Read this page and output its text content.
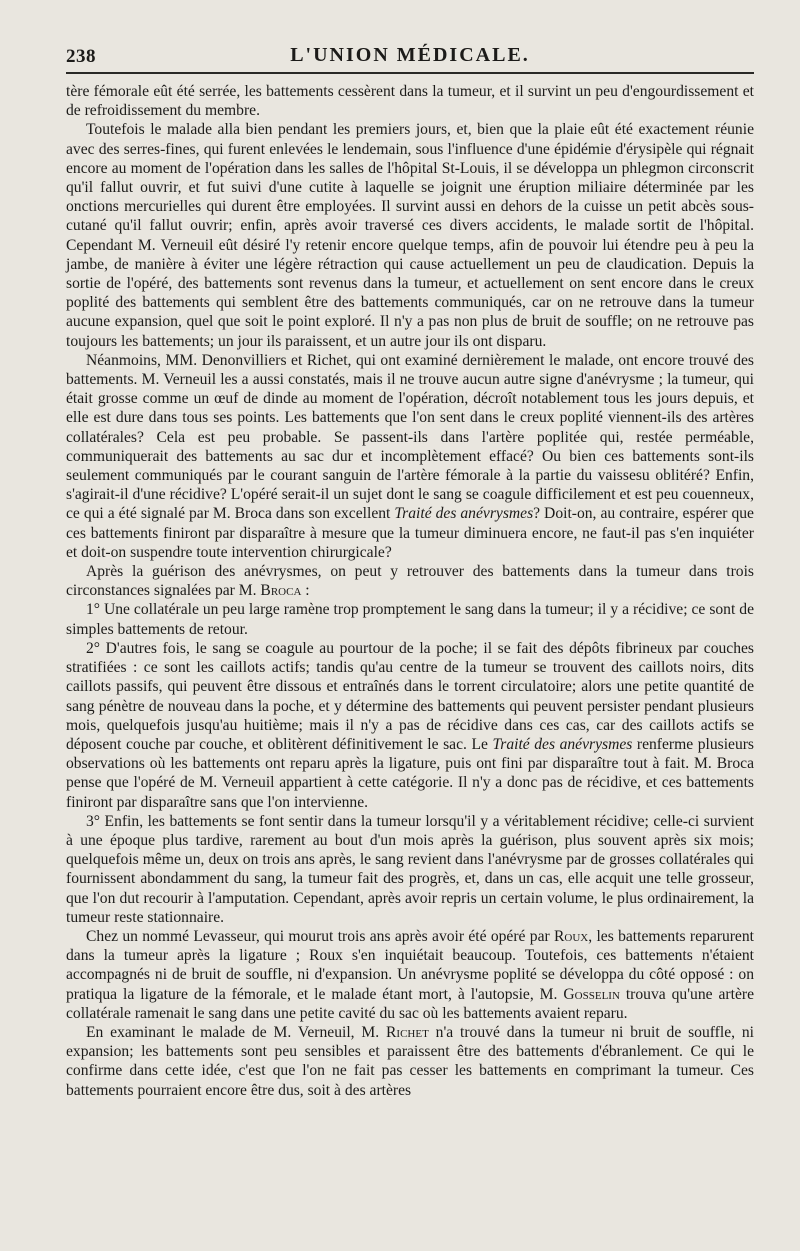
238	L'UNION MÉDICALE.

tère fémorale eût été serrée, les battements cessèrent dans la tumeur, et il survint un peu d'engourdissement et de refroidissement du membre.

Toutefois le malade alla bien pendant les premiers jours, et, bien que la plaie eût été exactement réunie avec des serres-fines, qui furent enlevées le lendemain, sous l'influence d'une épidémie d'érysipèle qui régnait encore au moment de l'opération dans les salles de l'hôpital St-Louis, il se développa un phlegmon circonscrit qu'il fallut ouvrir, et fut suivi d'une cutite à laquelle se joignit une éruption miliaire déterminée par les onctions mercurielles qui durent être employées. Il survint aussi en dehors de la cuisse un petit abcès sous-cutané qu'il fallut ouvrir; enfin, après avoir traversé ces divers accidents, le malade sortit de l'hôpital. Cependant M. Verneuil eût désiré l'y retenir encore quelque temps, afin de pouvoir lui étendre peu à peu la jambe, de manière à éviter une légère rétraction qui cause actuellement un peu de claudication. Depuis la sortie de l'opéré, des battements sont revenus dans la tumeur, et actuellement on sent encore dans le creux poplité des battements qui semblent être des battements communiqués, car on ne retrouve dans la tumeur aucune expansion, quel que soit le point exploré. Il n'y a pas non plus de bruit de souffle; on ne retrouve pas toujours les battements; un jour ils paraissent, et un autre jour ils ont disparu.

Néanmoins, MM. Denonvilliers et Richet, qui ont examiné dernièrement le malade, ont encore trouvé des battements. M. Verneuil les a aussi constatés, mais il ne trouve aucun autre signe d'anévrysme ; la tumeur, qui était grosse comme un œuf de dinde au moment de l'opération, décroît notablement tous les jours depuis, et elle est dure dans tous ses points. Les battements que l'on sent dans le creux poplité viennent-ils des artères collatérales? Cela est peu probable. Se passent-ils dans l'artère poplitée qui, restée perméable, communiquerait des battements au sac dur et incomplètement effacé? Ou bien ces battements sont-ils seulement communiqués par le courant sanguin de l'artère fémorale à la partie du vaissesu oblitéré? Enfin, s'agirait-il d'une récidive? L'opéré serait-il un sujet dont le sang se coagule difficilement et est peu couenneux, ce qui a été signalé par M. Broca dans son excellent Traité des anévrysmes? Doit-on, au contraire, espérer que ces battements finiront par disparaître à mesure que la tumeur diminuera encore, ne faut-il pas s'en inquiéter et doit-on suspendre toute intervention chirurgicale?

Après la guérison des anévrysmes, on peut y retrouver des battements dans la tumeur dans trois circonstances signalées par M. Broca :

1° Une collatérale un peu large ramène trop promptement le sang dans la tumeur; il y a récidive; ce sont de simples battements de retour.

2° D'autres fois, le sang se coagule au pourtour de la poche; il se fait des dépôts fibrineux par couches stratifiées : ce sont les caillots actifs; tandis qu'au centre de la tumeur se trouvent des caillots noirs, dits caillots passifs, qui peuvent être dissous et entraînés dans le torrent circulatoire; alors une petite quantité de sang pénètre de nouveau dans la poche, et y détermine des battements qui peuvent persister pendant plusieurs mois, quelquefois jusqu'au huitième; mais il n'y a pas de récidive dans ces cas, car des caillots actifs se déposent couche par couche, et oblitèrent définitivement le sac. Le Traité des anévrysmes renferme plusieurs observations où les battements ont reparu après la ligature, puis ont fini par disparaître tout à fait. M. Broca pense que l'opéré de M. Verneuil appartient à cette catégorie. Il n'y a donc pas de récidive, et ces battements finiront par disparaître sans que l'on intervienne.

3° Enfin, les battements se font sentir dans la tumeur lorsqu'il y a véritablement récidive; celle-ci survient à une époque plus tardive, rarement au bout d'un mois après la guérison, plus souvent après six mois; quelquefois même un, deux on trois ans après, le sang revient dans l'anévrysme par de grosses collatérales qui fournissent abondamment du sang, la tumeur fait des progrès, et, dans un cas, elle acquit une telle grosseur, que l'on dut recourir à l'amputation. Cependant, après avoir repris un certain volume, le plus ordinairement, la tumeur reste stationnaire.

Chez un nommé Levasseur, qui mourut trois ans après avoir été opéré par Roux, les battements reparurent dans la tumeur après la ligature ; Roux s'en inquiétait beaucoup. Toutefois, ces battements n'étaient accompagnés ni de bruit de souffle, ni d'expansion. Un anévrysme poplité se développa du côté opposé : on pratiqua la ligature de la fémorale, et le malade étant mort, à l'autopsie, M. Gosselin trouva qu'une artère collatérale ramenait le sang dans une petite cavité du sac où les battements avaient reparu.

En examinant le malade de M. Verneuil, M. Richet n'a trouvé dans la tumeur ni bruit de souffle, ni expansion; les battements sont peu sensibles et paraissent être des battements d'ébranlement. Ce qui le confirme dans cette idée, c'est que l'on ne fait pas cesser les battements en comprimant la tumeur. Ces battements pourraient encore être dus, soit à des artères
